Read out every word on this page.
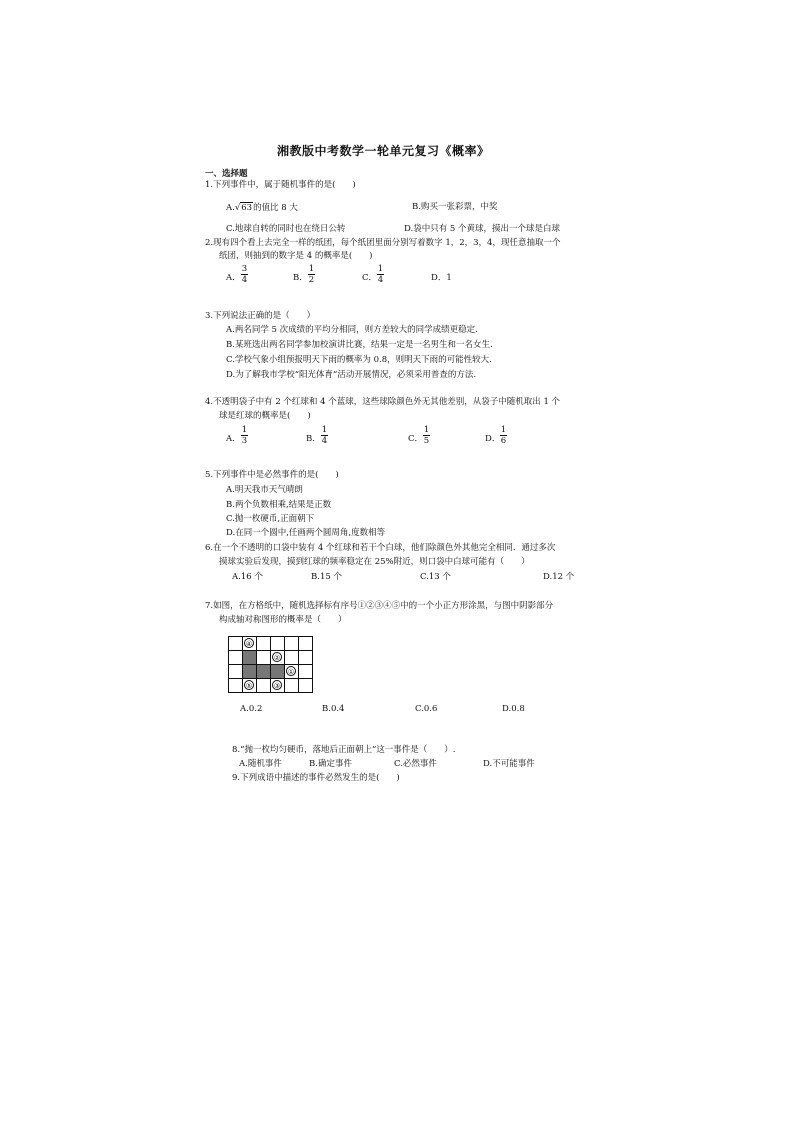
湘教版中考数学一轮单元复习《概率》
一、选择题
1.下列事件中，属于随机事件的是(　　)
A.√63的值比 8 大	B.购买一张彩票，中奖
C.地球自转的同时也在绕日公转	D.袋中只有 5 个黄球，摸出一个球是白球
2.现有四个看上去完全一样的纸团，每个纸团里面分别写着数字 1，2，3，4，现任意抽取一个
纸团，则抽到的数字是 4 的概率是(　　)
A．
3
4	B．
1
2	C．
1
4	D．1
3.下列说法正确的是（　　）
A.两名同学 5 次成绩的平均分相同，则方差较大的同学成绩更稳定.
B.某班选出两名同学参加校演讲比赛，结果一定是一名男生和一名女生.
C.学校气象小组预报明天下雨的概率为 0.8，则明天下雨的可能性较大.
D.为了解我市学校“阳光体育”活动开展情况，必须采用普查的方法.
4.不透明袋子中有 2 个红球和 4 个蓝球，这些球除颜色外无其他差别，从袋子中随机取出 1 个
球是红球的概率是(　　)
A．
1
3	B．
1
4	C．
1
5	D．
1
6
5.下列事件中是必然事件的是(　　)
A.明天我市天气晴朗
B.两个负数相乘,结果是正数
C.抛一枚硬币,正面朝下
D.在同一个圆中,任画两个圆周角,度数相等
6.在一个不透明的口袋中装有 4 个红球和若干个白球，他们除颜色外其他完全相同．通过多次
摸球实验后发现，摸到红球的频率稳定在 25%附近，则口袋中白球可能有（　　）
A.16 个	B.15 个	C.13 个	D.12 个
7.如图，在方格纸中，随机选择标有序号①②③④⑤中的一个小正方形涂黑，与图中阴影部分
构成轴对称图形的概率是（　　）
④
②
①
⑤	③
A.0.2	B.0.4	C.0.6	D.0.8
8.“抛一枚均匀硬币，落地后正面朝上”这一事件是（　　）.
A.随机事件	B.确定事件	C.必然事件	D.不可能事件
9.下列成语中描述的事件必然发生的是(　　)
